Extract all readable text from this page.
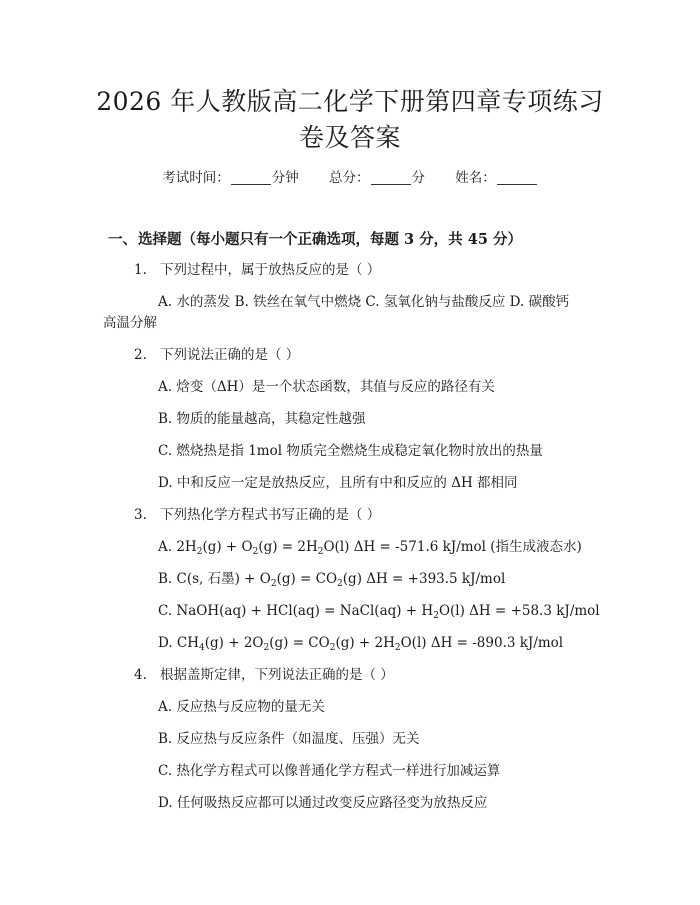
2026 年人教版高二化学下册第四章专项练习
卷及答案
考试时间：	分钟 总分：	分 姓名：
一、选择题（每小题只有一个正确选项，每题 3 分，共 45 分）
1. 下列过程中，属于放热反应的是（ ）
A. 水的蒸发 B. 铁丝在氧气中燃烧 C. 氢氧化钠与盐酸反应 D. 碳酸钙
高温分解
2. 下列说法正确的是（ ）
A. 焓变（ΔH）是一个状态函数，其值与反应的路径有关
B. 物质的能量越高，其稳定性越强
C. 燃烧热是指 1mol 物质完全燃烧生成稳定氧化物时放出的热量
D. 中和反应一定是放热反应，且所有中和反应的 ΔH 都相同
3. 下列热化学方程式书写正确的是（ ）
A. $2H_2(g) + O_2(g) = 2H_2O(l) \Delta H = -571.6$ kJ/mol (指生成液态水)
B. C(s, 石墨) + $O_2(g) = CO_2(g) \Delta H = +393.5$ kJ/mol
C. NaOH(aq) + HCl(aq) = NaCl(aq) + $H_2O(l) \Delta H = +58.3$ kJ/mol
D. $CH_4(g) + 2O_2(g) = CO_2(g) + 2H_2O(l) \Delta H = -890.3$ kJ/mol
4. 根据盖斯定律，下列说法正确的是（ ）
A. 反应热与反应物的量无关
B. 反应热与反应条件（如温度、压强）无关
C. 热化学方程式可以像普通化学方程式一样进行加减运算
D. 任何吸热反应都可以通过改变反应路径变为放热反应
